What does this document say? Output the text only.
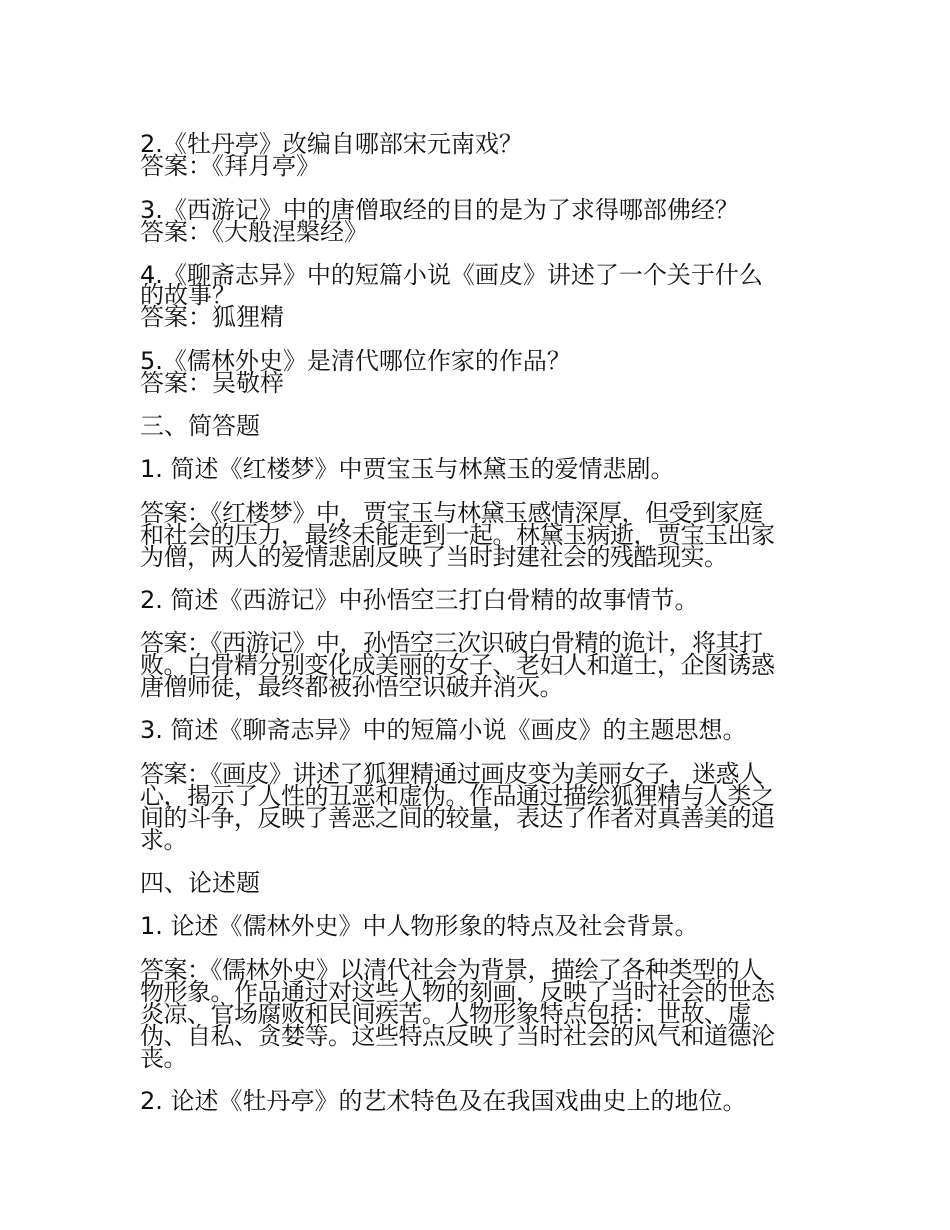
2.《牡丹亭》改编自哪部宋元南戏？

答案：《拜月亭》

3.《西游记》中的唐僧取经的目的是为了求得哪部佛经？

答案：《大般涅槃经》

4.《聊斋志异》中的短篇小说《画皮》讲述了一个关于什么

的故事？

答案：狐狸精

5.《儒林外史》是清代哪位作家的作品？

答案：吴敬梓

三、简答题

1. 简述《红楼梦》中贾宝玉与林黛玉的爱情悲剧。

答案：《红楼梦》中，贾宝玉与林黛玉感情深厚，但受到家庭

和社会的压力，最终未能走到一起。林黛玉病逝，贾宝玉出家

为僧，两人的爱情悲剧反映了当时封建社会的残酷现实。

2. 简述《西游记》中孙悟空三打白骨精的故事情节。

答案：《西游记》中，孙悟空三次识破白骨精的诡计，将其打

败。白骨精分别变化成美丽的女子、老妇人和道士，企图诱惑

唐僧师徒，最终都被孙悟空识破并消灭。

3. 简述《聊斋志异》中的短篇小说《画皮》的主题思想。

答案：《画皮》讲述了狐狸精通过画皮变为美丽女子，迷惑人

心，揭示了人性的丑恶和虚伪。作品通过描绘狐狸精与人类之

间的斗争，反映了善恶之间的较量，表达了作者对真善美的追

求。

四、论述题

1. 论述《儒林外史》中人物形象的特点及社会背景。

答案：《儒林外史》以清代社会为背景，描绘了各种类型的人

物形象。作品通过对这些人物的刻画，反映了当时社会的世态

炎凉、官场腐败和民间疾苦。人物形象特点包括：世故、虚

伪、自私、贪婪等。这些特点反映了当时社会的风气和道德沦

丧。

2. 论述《牡丹亭》的艺术特色及在我国戏曲史上的地位。
